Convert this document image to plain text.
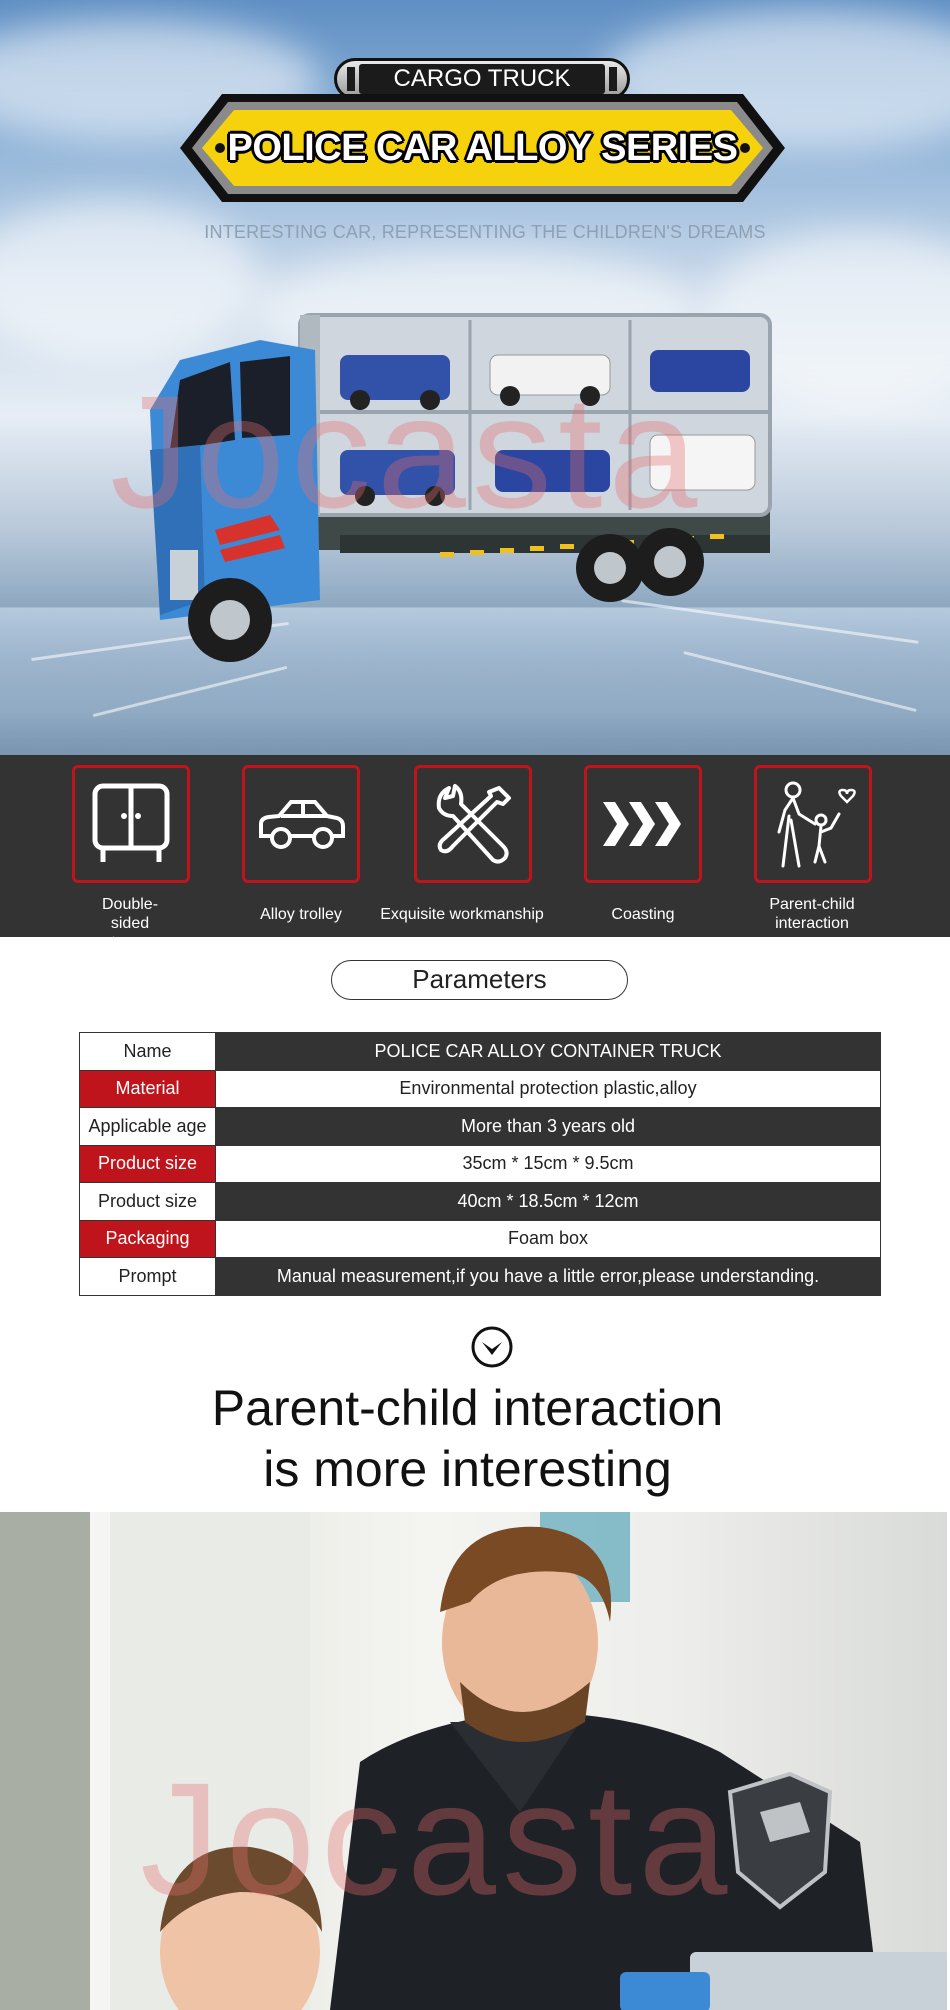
CARGO TRUCK
POLICE CAR ALLOY SERIES
INTERESTING CAR, REPRESENTING THE CHILDREN'S DREAMS
Jocasta
Double-sided storage
Alloy trolley	Exquisite workmanship	Coasting
Parent-child interaction
Parameters
Name	POLICE CAR ALLOY CONTAINER TRUCK
Material	Environmental protection plastic,alloy
Applicable age	More than 3 years old
Product size	35cm * 15cm * 9.5cm
Product size	40cm * 18.5cm * 12cm
Packaging	Foam box
Prompt	Manual measurement,if you have a little error,please understanding.
Parent-child interaction
is more interesting
Jocasta
